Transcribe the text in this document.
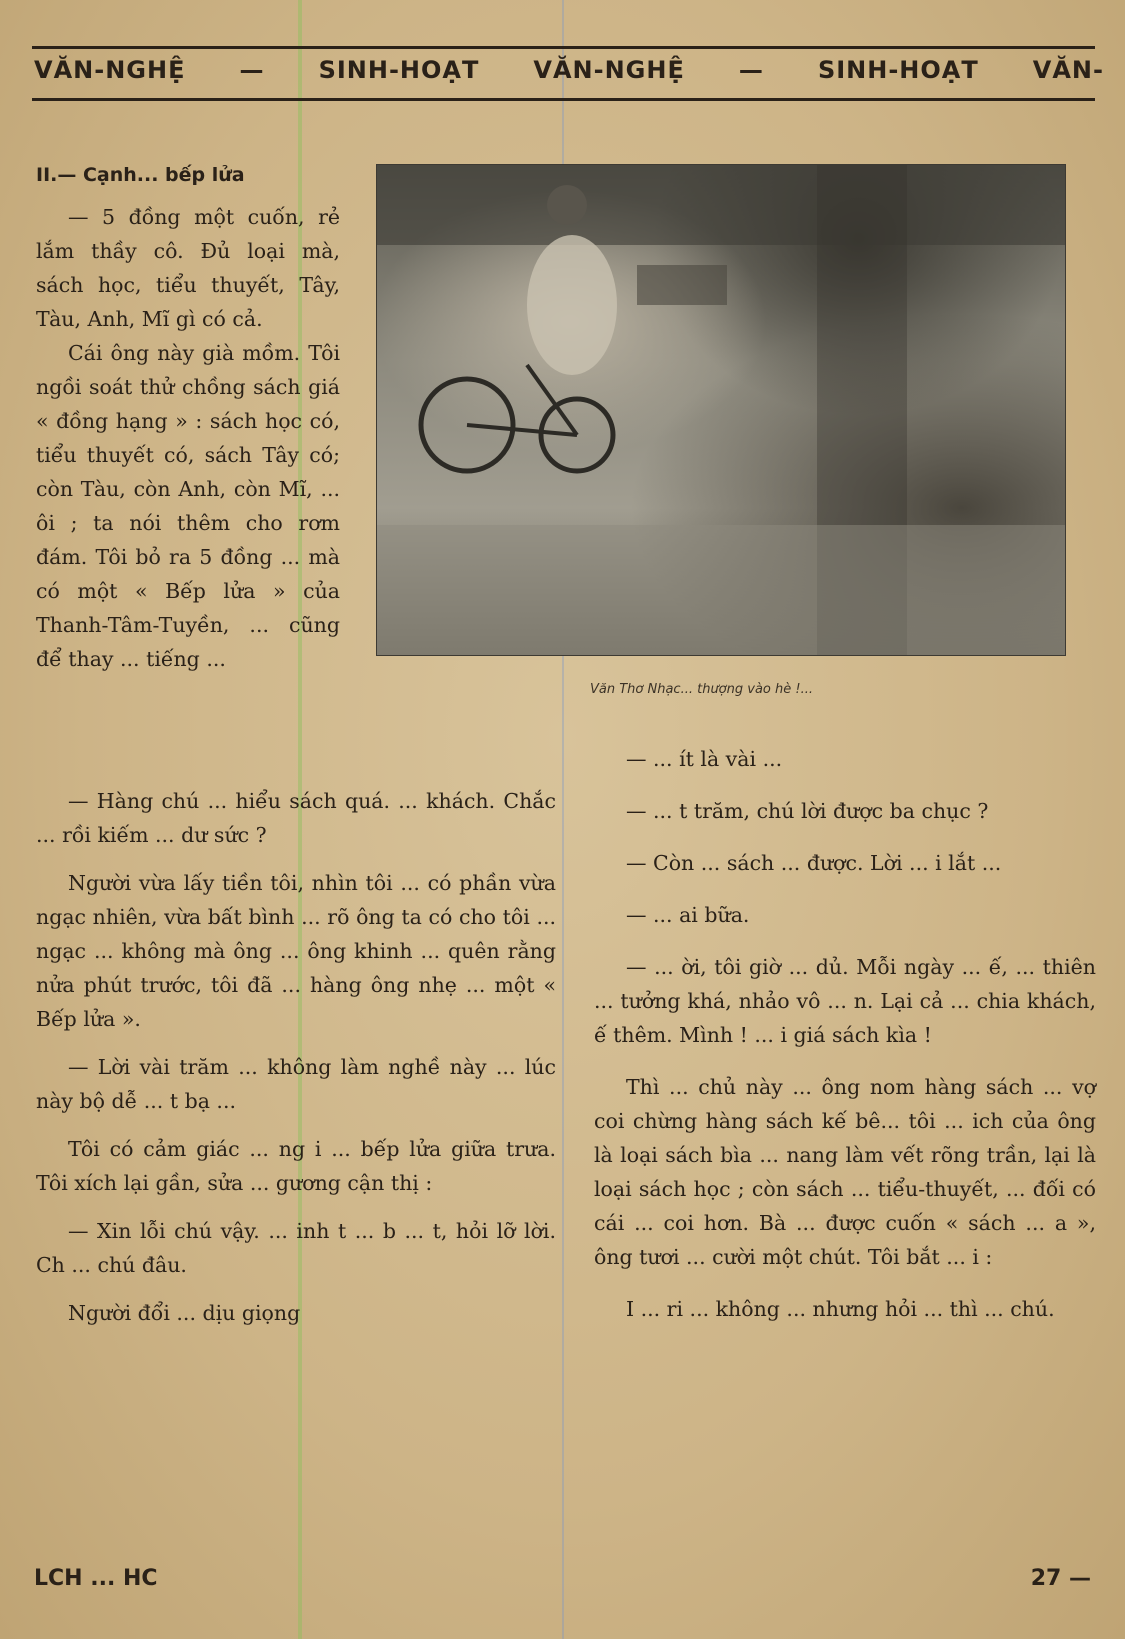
VĂN-NGHỆ — SINH-HOẠT VĂN-NGHỆ — SINH-HOẠT VĂN-

II.— Cạnh... bếp lửa

— 5 đồng một cuốn, rẻ lắm thầy cô. Đủ loại mà, sách học, tiểu thuyết, Tây, Tàu, Anh, Mĩ gì có cả.

Cái ông này già mồm. Tôi ngồi soát thử chồng sách giá « đồng hạng » : sách học có, tiểu thuyết có, sách Tây có; còn Tàu, còn Anh, còn Mĩ, ... ôi ; ta nói thêm cho rơm đám. Tôi bỏ ra 5 đồng ... mà có một « Bếp lửa » của Thanh-Tâm-Tuyền, ... cũng để thay ... tiếng ...

Văn Thơ Nhạc... thượng vào hè !...

— Hàng chú ... hiểu sách quá. ... khách. Chắc ... rồi kiếm ... dư sức ?

Người vừa lấy tiền tôi, nhìn tôi ... có phần vừa ngạc nhiên, vừa bất bình ... rõ ông ta có cho tôi ... ngạc ... không mà ông ... ông khinh ... quên rằng nửa phút trước, tôi đã ... hàng ông nhẹ ... một « Bếp lửa ».

— Lời vài trăm ... không làm nghề này ... lúc này bộ dễ ... t bạ ...

Tôi có cảm giác ... ng i ... bếp lửa giữa trưa. Tôi xích lại gần, sửa ... gương cận thị :

— Xin lỗi chú vậy. ... inh t ... b ... t, hỏi lỡ lời. Ch ... chú đâu.

Người đổi ... dịu giọng

— ... ít là vài ...

— ... t trăm, chú lời được ba chục ?

— Còn ... sách ... được. Lời ... i lắt ...

— ... ai bữa.

— ... ời, tôi giờ ... dủ. Mỗi ngày ... ế, ... thiên ... tưởng khá, nhảo vô ... n. Lại cả ... chia khách, ế thêm. Mình ! ... i giá sách kìa !

Thì ... chủ này ... ông nom hàng sách ... vợ coi chừng hàng sách kế bê... tôi ... ich của ông là loại sách bìa ... nang làm vết rõng trần, lại là loại sách học ; còn sách ... tiểu-thuyết, ... đối có cái ... coi hơn. Bà ... được cuốn « sách ... a », ông tươi ... cười một chút. Tôi bắt ... i :

I ... ri ... không ... nhưng hỏi ... thì ... chú.

LCH ... HC	27 —
